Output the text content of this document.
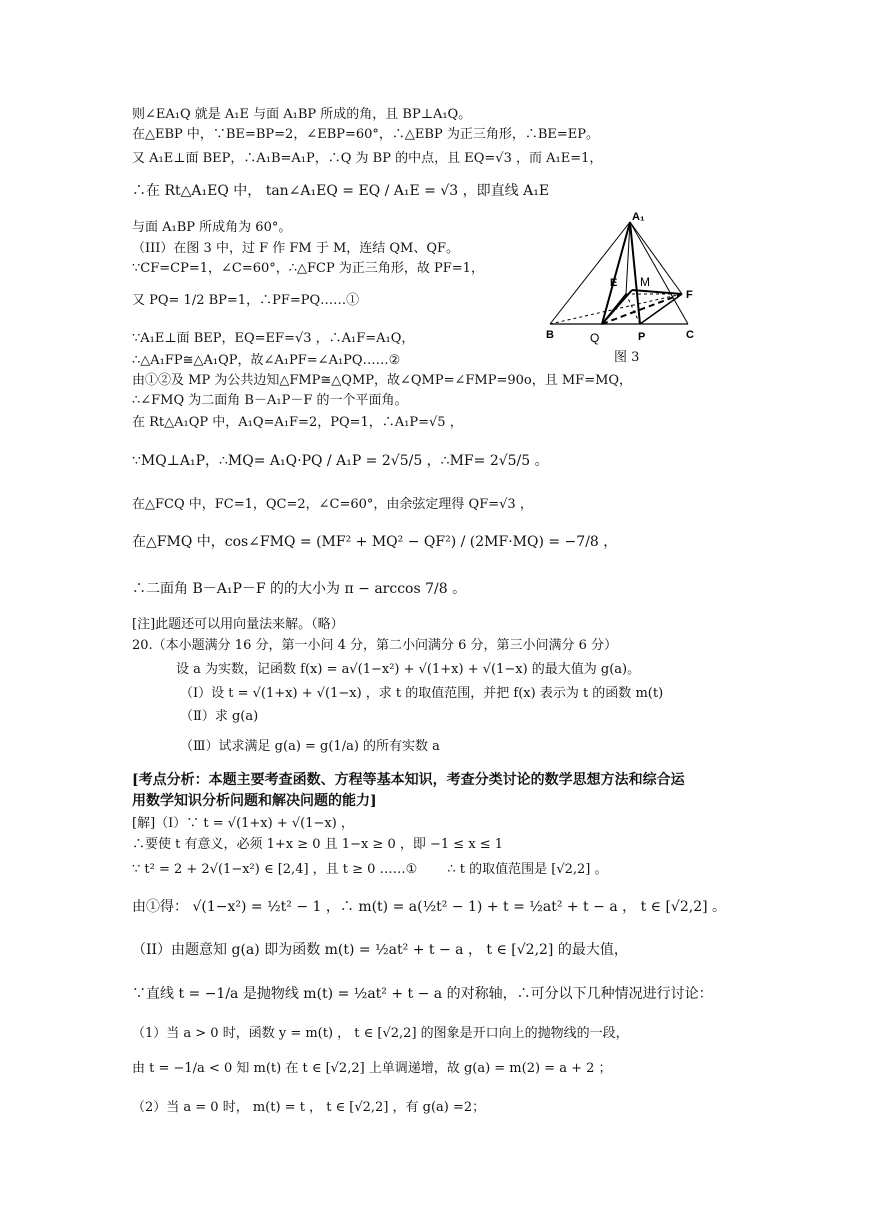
则∠EA₁Q 就是 A₁E 与面 A₁BP 所成的角，且 BP⊥A₁Q。
在△EBP 中，∵BE=BP=2，∠EBP=60°，∴△EBP 为正三角形，∴BE=EP。
又 A₁E⊥面 BEP，∴A₁B=A₁P，∴Q 为 BP 的中点，且 EQ=√3 ，而 A₁E=1，
∴在 Rt△A₁EQ 中， tan∠A₁EQ = EQ / A₁E = √3 ，即直线 A₁E
与面 A₁BP 所成角为 60°。
（III）在图 3 中，过 F 作 FM 于 M，连结 QM、QF。
∵CF=CP=1，∠C=60°，∴△FCP 为正三角形，故 PF=1，
又 PQ= 1/2 BP=1，∴PF=PQ……①
∵A₁E⊥面 BEP，EQ=EF=√3 ，∴A₁F=A₁Q，
∴△A₁FP≅△A₁QP，故∠A₁PF=∠A₁PQ……②
由①②及 MP 为公共边知△FMP≅△QMP，故∠QMP=∠FMP=90o，且 MF=MQ，
∴∠FMQ 为二面角 B－A₁P－F 的一个平面角。
在 Rt△A₁QP 中，A₁Q=A₁F=2，PQ=1，∴A₁P=√5 ，
∵MQ⊥A₁P，∴MQ= A₁Q·PQ / A₁P = 2√5/5 ，∴MF= 2√5/5 。
在△FCQ 中，FC=1，QC=2，∠C=60°，由余弦定理得 QF=√3 ，
在△FMQ 中，cos∠FMQ = (MF² + MQ² − QF²) / (2MF·MQ) = −7/8 ，
∴二面角 B－A₁P－F 的的大小为 π − arccos 7/8 。
[注]此题还可以用向量法来解。（略）
20.（本小题满分 16 分，第一小问 4 分，第二小问满分 6 分，第三小问满分 6 分）
设 a 为实数，记函数 f(x) = a√(1−x²) + √(1+x) + √(1−x) 的最大值为 g(a)。
（Ⅰ）设 t = √(1+x) + √(1−x) ，求 t 的取值范围，并把 f(x) 表示为 t 的函数 m(t)
（Ⅱ）求 g(a)
（Ⅲ）试求满足 g(a) = g(1/a) 的所有实数 a
[考点分析：本题主要考查函数、方程等基本知识，考查分类讨论的数学思想方法和综合运
用数学知识分析问题和解决问题的能力]
[解]（I）∵ t = √(1+x) + √(1−x) ，
∴要使 t 有意义，必须 1+x ≥ 0 且 1−x ≥ 0 ，即 −1 ≤ x ≤ 1
∵ t² = 2 + 2√(1−x²) ∈ [2,4] ，且 t ≥ 0 ……①　　 ∴ t 的取值范围是 [√2,2] 。
由①得： √(1−x²) = ½t² − 1 ，∴ m(t) = a(½t² − 1) + t = ½at² + t − a ， t ∈ [√2,2] 。
（II）由题意知 g(a) 即为函数 m(t) = ½at² + t − a ， t ∈ [√2,2] 的最大值，
∵直线 t = −1/a 是抛物线 m(t) = ½at² + t − a 的对称轴，∴可分以下几种情况进行讨论：
（1）当 a > 0 时，函数 y = m(t) ， t ∈ [√2,2] 的图象是开口向上的抛物线的一段，
由 t = −1/a < 0 知 m(t) 在 t ∈ [√2,2] 上单调递增，故 g(a) = m(2) = a + 2 ；
（2）当 a = 0 时， m(t) = t ， t ∈ [√2,2] ，有 g(a) =2；
A₁
B	Q	P	C
E M
F
图 3
